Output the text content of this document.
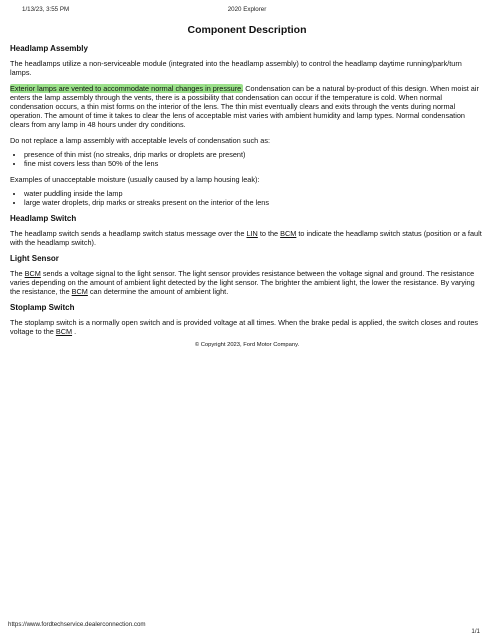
1/13/23, 3:55 PM	2020 Explorer
Component Description
Headlamp Assembly

The headlamps utilize a non-serviceable module (integrated into the headlamp assembly) to control the headlamp daytime running/park/turn lamps.

Exterior lamps are vented to accommodate normal changes in pressure. Condensation can be a natural by-product of this design. When moist air enters the lamp assembly through the vents, there is a possibility that condensation can occur if the temperature is cold. When normal condensation occurs, a thin mist forms on the interior of the lens. The thin mist eventually clears and exits through the vents during normal operation. The amount of time it takes to clear the lens of acceptable mist varies with ambient humidity and lamp types. Normal condensation clears from any lamp in 48 hours under dry conditions.

Do not replace a lamp assembly with acceptable levels of condensation such as:

• presence of thin mist (no streaks, drip marks or droplets are present)
• fine mist covers less than 50% of the lens

Examples of unacceptable moisture (usually caused by a lamp housing leak):

• water puddling inside the lamp
• large water droplets, drip marks or streaks present on the interior of the lens
Headlamp Switch

The headlamp switch sends a headlamp switch status message over the LIN to the BCM to indicate the headlamp switch status (position or a fault with the headlamp switch).

Light Sensor

The BCM sends a voltage signal to the light sensor. The light sensor provides resistance between the voltage signal and ground. The resistance varies depending on the amount of ambient light detected by the light sensor. The brighter the ambient light, the lower the resistance. By varying the resistance, the BCM can determine the amount of ambient light.

Stoplamp Switch

The stoplamp switch is a normally open switch and is provided voltage at all times. When the brake pedal is applied, the switch closes and routes voltage to the BCM .

© Copyright 2023, Ford Motor Company.
https://www.fordtechservice.dealerconnection.com
1/1
